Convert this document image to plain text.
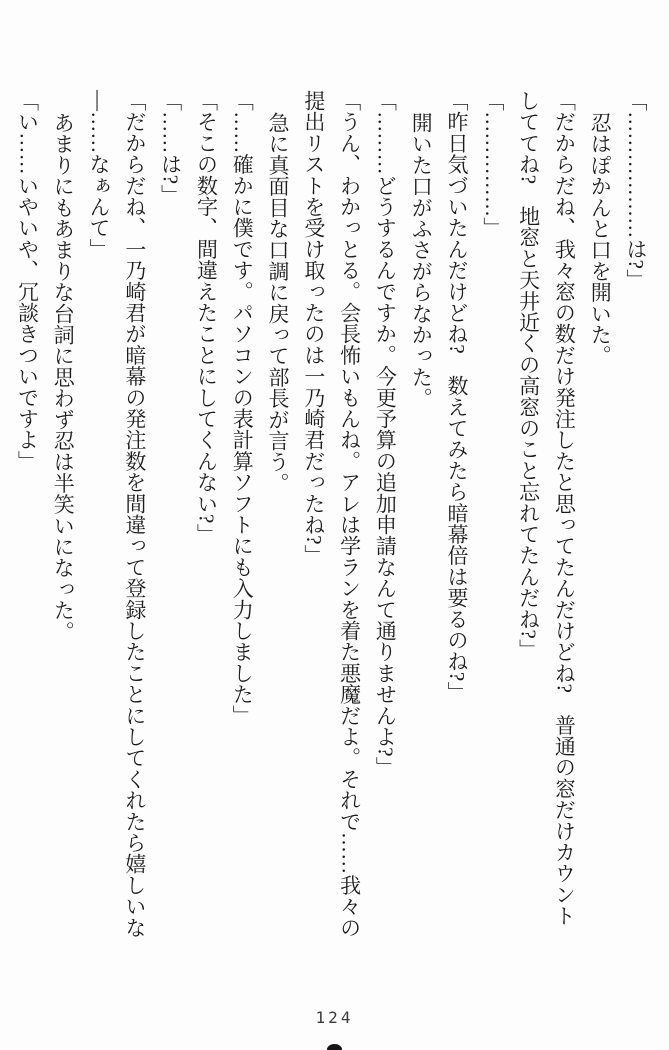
「………………は?」

忍はぽかんと口を開いた。

「だからだね、我々窓の数だけ発注したと思ってたんだけどね?　普通の窓だけカウント

しててね?　地窓と天井近くの高窓のこと忘れてたんだね?」

「……………」

「昨日気づいたんだけどね?　数えてみたら暗幕倍は要るのね?」

開いた口がふさがらなかった。

「………どうするんですか。今更予算の追加申請なんて通りませんよ?」

「うん、わかっとる。会長怖いもんね。アレは学ランを着た悪魔だよ。それで……我々の

提出リストを受け取ったのは一乃崎君だったね?」

急に真面目な口調に戻って部長が言う。

「……確かに僕です。パソコンの表計算ソフトにも入力しました」

「そこの数字、間違えたことにしてくんない?」

「……は?」

「だからだね、一乃崎君が暗幕の発注数を間違って登録したことにしてくれたら嬉しいな

―……なぁんて」

あまりにもあまりな台詞に思わず忍は半笑いになった。

「い……いやいや、冗談きついですよ」

124
